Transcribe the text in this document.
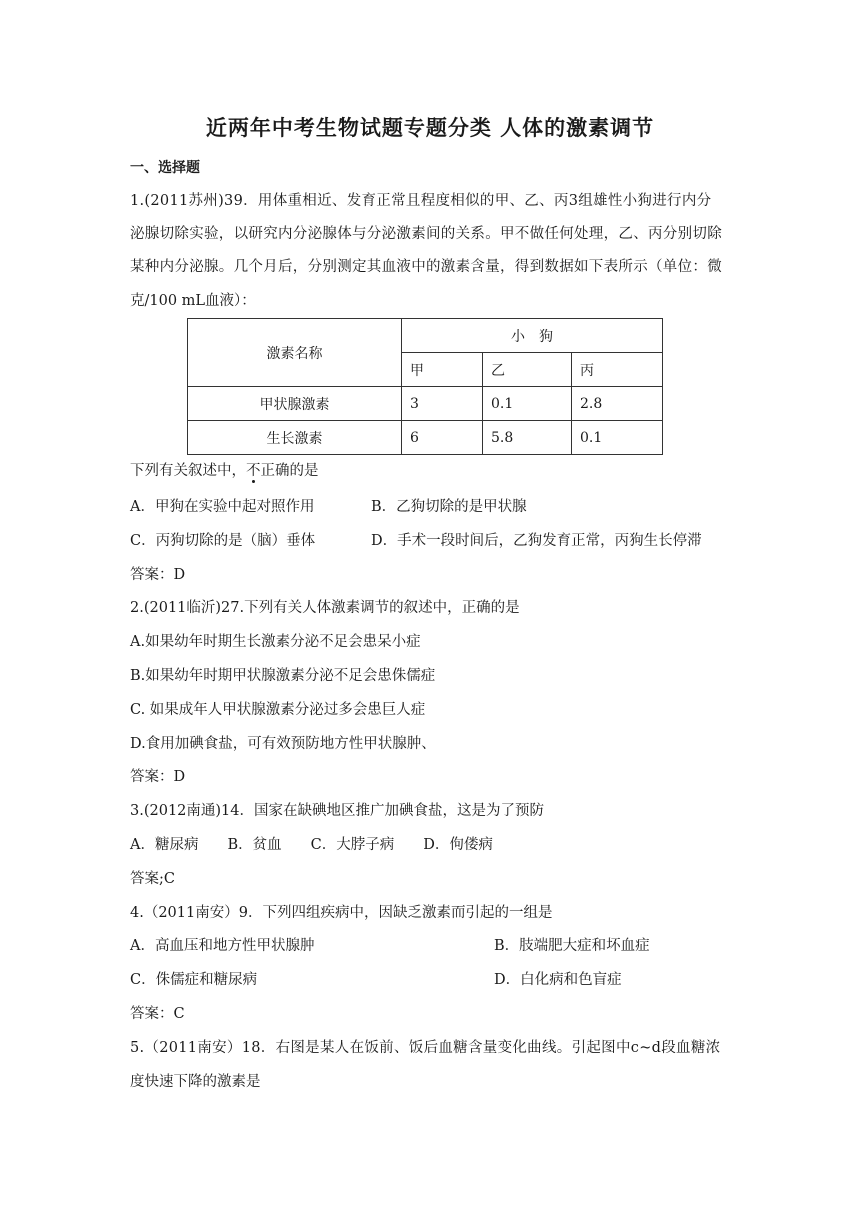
近两年中考生物试题专题分类 人体的激素调节
一、选择题
1.(2011苏州)39．用体重相近、发育正常且程度相似的甲、乙、丙3组雄性小狗进行内分
泌腺切除实验，以研究内分泌腺体与分泌激素间的关系。甲不做任何处理，乙、丙分别切除
某种内分泌腺。几个月后，分别测定其血液中的激素含量，得到数据如下表所示（单位：微
克/100 mL血液）：
激素名称	小　狗		
	甲	乙	丙
甲状腺激素	3	0.1	2.8
生长激素	6	5.8	0.1
下列有关叙述中，不正确的是
A．甲狗在实验中起对照作用	B．乙狗切除的是甲状腺
C．丙狗切除的是（脑）垂体	D．手术一段时间后，乙狗发育正常，丙狗生长停滞
答案：D
2.(2011临沂)27.下列有关人体激素调节的叙述中，正确的是
A.如果幼年时期生长激素分泌不足会患呆小症
B.如果幼年时期甲状腺激素分泌不足会患侏儒症
C. 如果成年人甲状腺激素分泌过多会患巨人症
D.食用加碘食盐，可有效预防地方性甲状腺肿、
答案：D
3.(2012南通)14．国家在缺碘地区推广加碘食盐，这是为了预防
A．糖尿病　　B．贫血　　C．大脖子病　　D．佝偻病
答案;C
4.（2011南安）9．下列四组疾病中，因缺乏激素而引起的一组是
A．高血压和地方性甲状腺肿	B．肢端肥大症和坏血症
C．侏儒症和糖尿病	D．白化病和色盲症
答案：C
5.（2011南安）18．右图是某人在饭前、饭后血糖含量变化曲线。引起图中c~d段血糖浓
度快速下降的激素是
